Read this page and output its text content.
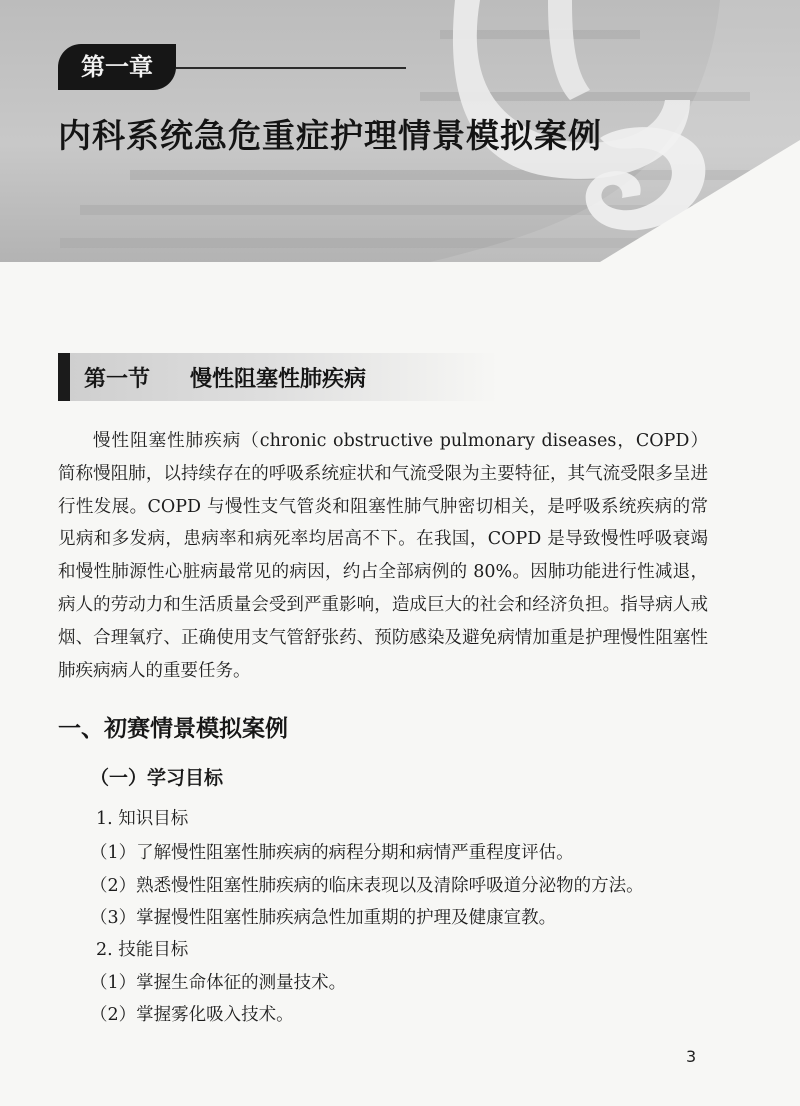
第一章
内科系统急危重症护理情景模拟案例
第一节 慢性阻塞性肺疾病

慢性阻塞性肺疾病（chronic obstructive pulmonary diseases，COPD）简称慢阻肺，以持续存在的呼吸系统症状和气流受限为主要特征，其气流受限多呈进行性发展。COPD 与慢性支气管炎和阻塞性肺气肿密切相关，是呼吸系统疾病的常见病和多发病，患病率和病死率均居高不下。在我国，COPD 是导致慢性呼吸衰竭和慢性肺源性心脏病最常见的病因，约占全部病例的 80%。因肺功能进行性减退，病人的劳动力和生活质量会受到严重影响，造成巨大的社会和经济负担。指导病人戒烟、合理氧疗、正确使用支气管舒张药、预防感染及避免病情加重是护理慢性阻塞性肺疾病病人的重要任务。

一、初赛情景模拟案例
（一）学习目标

1. 知识目标

（1）了解慢性阻塞性肺疾病的病程分期和病情严重程度评估。

（2）熟悉慢性阻塞性肺疾病的临床表现以及清除呼吸道分泌物的方法。

（3）掌握慢性阻塞性肺疾病急性加重期的护理及健康宣教。

2. 技能目标

（1）掌握生命体征的测量技术。

（2）掌握雾化吸入技术。

3
